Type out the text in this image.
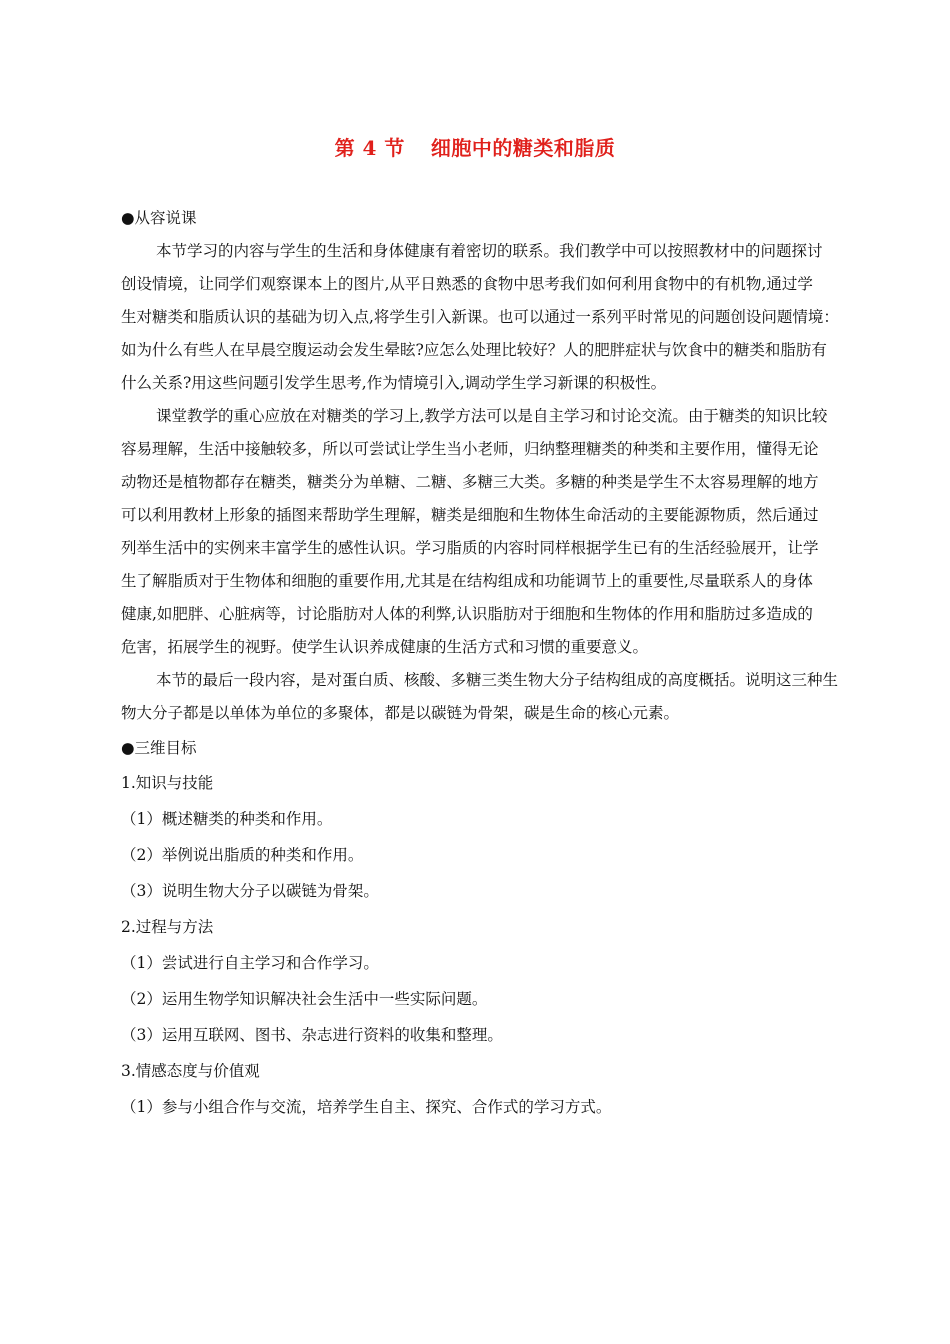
第 4 节 细胞中的糖类和脂质

●从容说课

本节学习的内容与学生的生活和身体健康有着密切的联系。我们教学中可以按照教材中的问题探讨
创设情境，让同学们观察课本上的图片,从平日熟悉的食物中思考我们如何利用食物中的有机物,通过学
生对糖类和脂质认识的基础为切入点,将学生引入新课。也可以通过一系列平时常见的问题创设问题情境：
如为什么有些人在早晨空腹运动会发生晕眩?应怎么处理比较好？人的肥胖症状与饮食中的糖类和脂肪有
什么关系?用这些问题引发学生思考,作为情境引入,调动学生学习新课的积极性。

课堂教学的重心应放在对糖类的学习上,教学方法可以是自主学习和讨论交流。由于糖类的知识比较
容易理解，生活中接触较多，所以可尝试让学生当小老师，归纳整理糖类的种类和主要作用，懂得无论
动物还是植物都存在糖类，糖类分为单糖、二糖、多糖三大类。多糖的种类是学生不太容易理解的地方
可以利用教材上形象的插图来帮助学生理解，糖类是细胞和生物体生命活动的主要能源物质，然后通过
列举生活中的实例来丰富学生的感性认识。学习脂质的内容时同样根据学生已有的生活经验展开，让学
生了解脂质对于生物体和细胞的重要作用,尤其是在结构组成和功能调节上的重要性,尽量联系人的身体
健康,如肥胖、心脏病等，讨论脂肪对人体的利弊,认识脂肪对于细胞和生物体的作用和脂肪过多造成的
危害，拓展学生的视野。使学生认识养成健康的生活方式和习惯的重要意义。

本节的最后一段内容，是对蛋白质、核酸、多糖三类生物大分子结构组成的高度概括。说明这三种生
物大分子都是以单体为单位的多聚体，都是以碳链为骨架，碳是生命的核心元素。

●三维目标

1.知识与技能

（1）概述糖类的种类和作用。

（2）举例说出脂质的种类和作用。

（3）说明生物大分子以碳链为骨架。

2.过程与方法

（1）尝试进行自主学习和合作学习。

（2）运用生物学知识解决社会生活中一些实际问题。

（3）运用互联网、图书、杂志进行资料的收集和整理。

3.情感态度与价值观

（1）参与小组合作与交流，培养学生自主、探究、合作式的学习方式。
